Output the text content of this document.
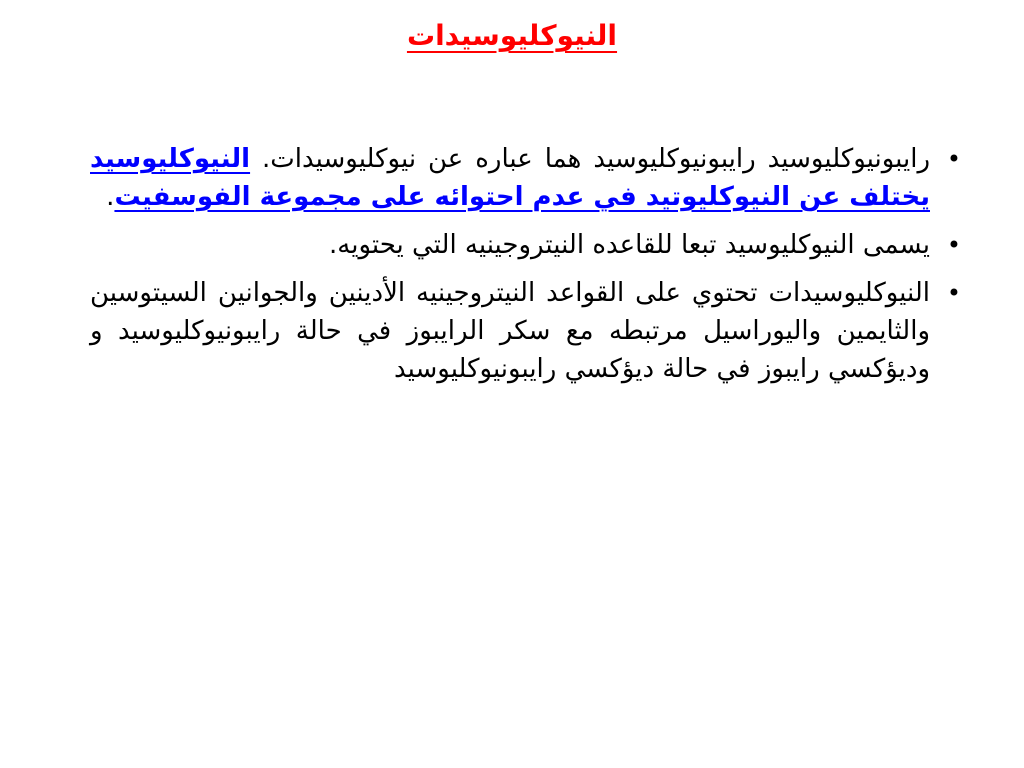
النيوكليوسيدات
•
رايبونيوكليوسيد رايبونيوكليوسيد هما عباره عن نيوكليوسيدات. النيوكليوسيد يختلف عن النيوكليوتيد في عدم احتوائه على مجموعة الفوسفيت.
•
يسمى النيوكليوسيد تبعا للقاعده النيتروجينيه التي يحتويه.
•
النيوكليوسيدات تحتوي على القواعد النيتروجينيه الأدينين والجوانين السيتوسين والثايمين واليوراسيل مرتبطه مع سكر الرايبوز في حالة رايبونيوكليوسيد و وديؤكسي رايبوز في حالة ديؤكسي رايبونيوكليوسيد
